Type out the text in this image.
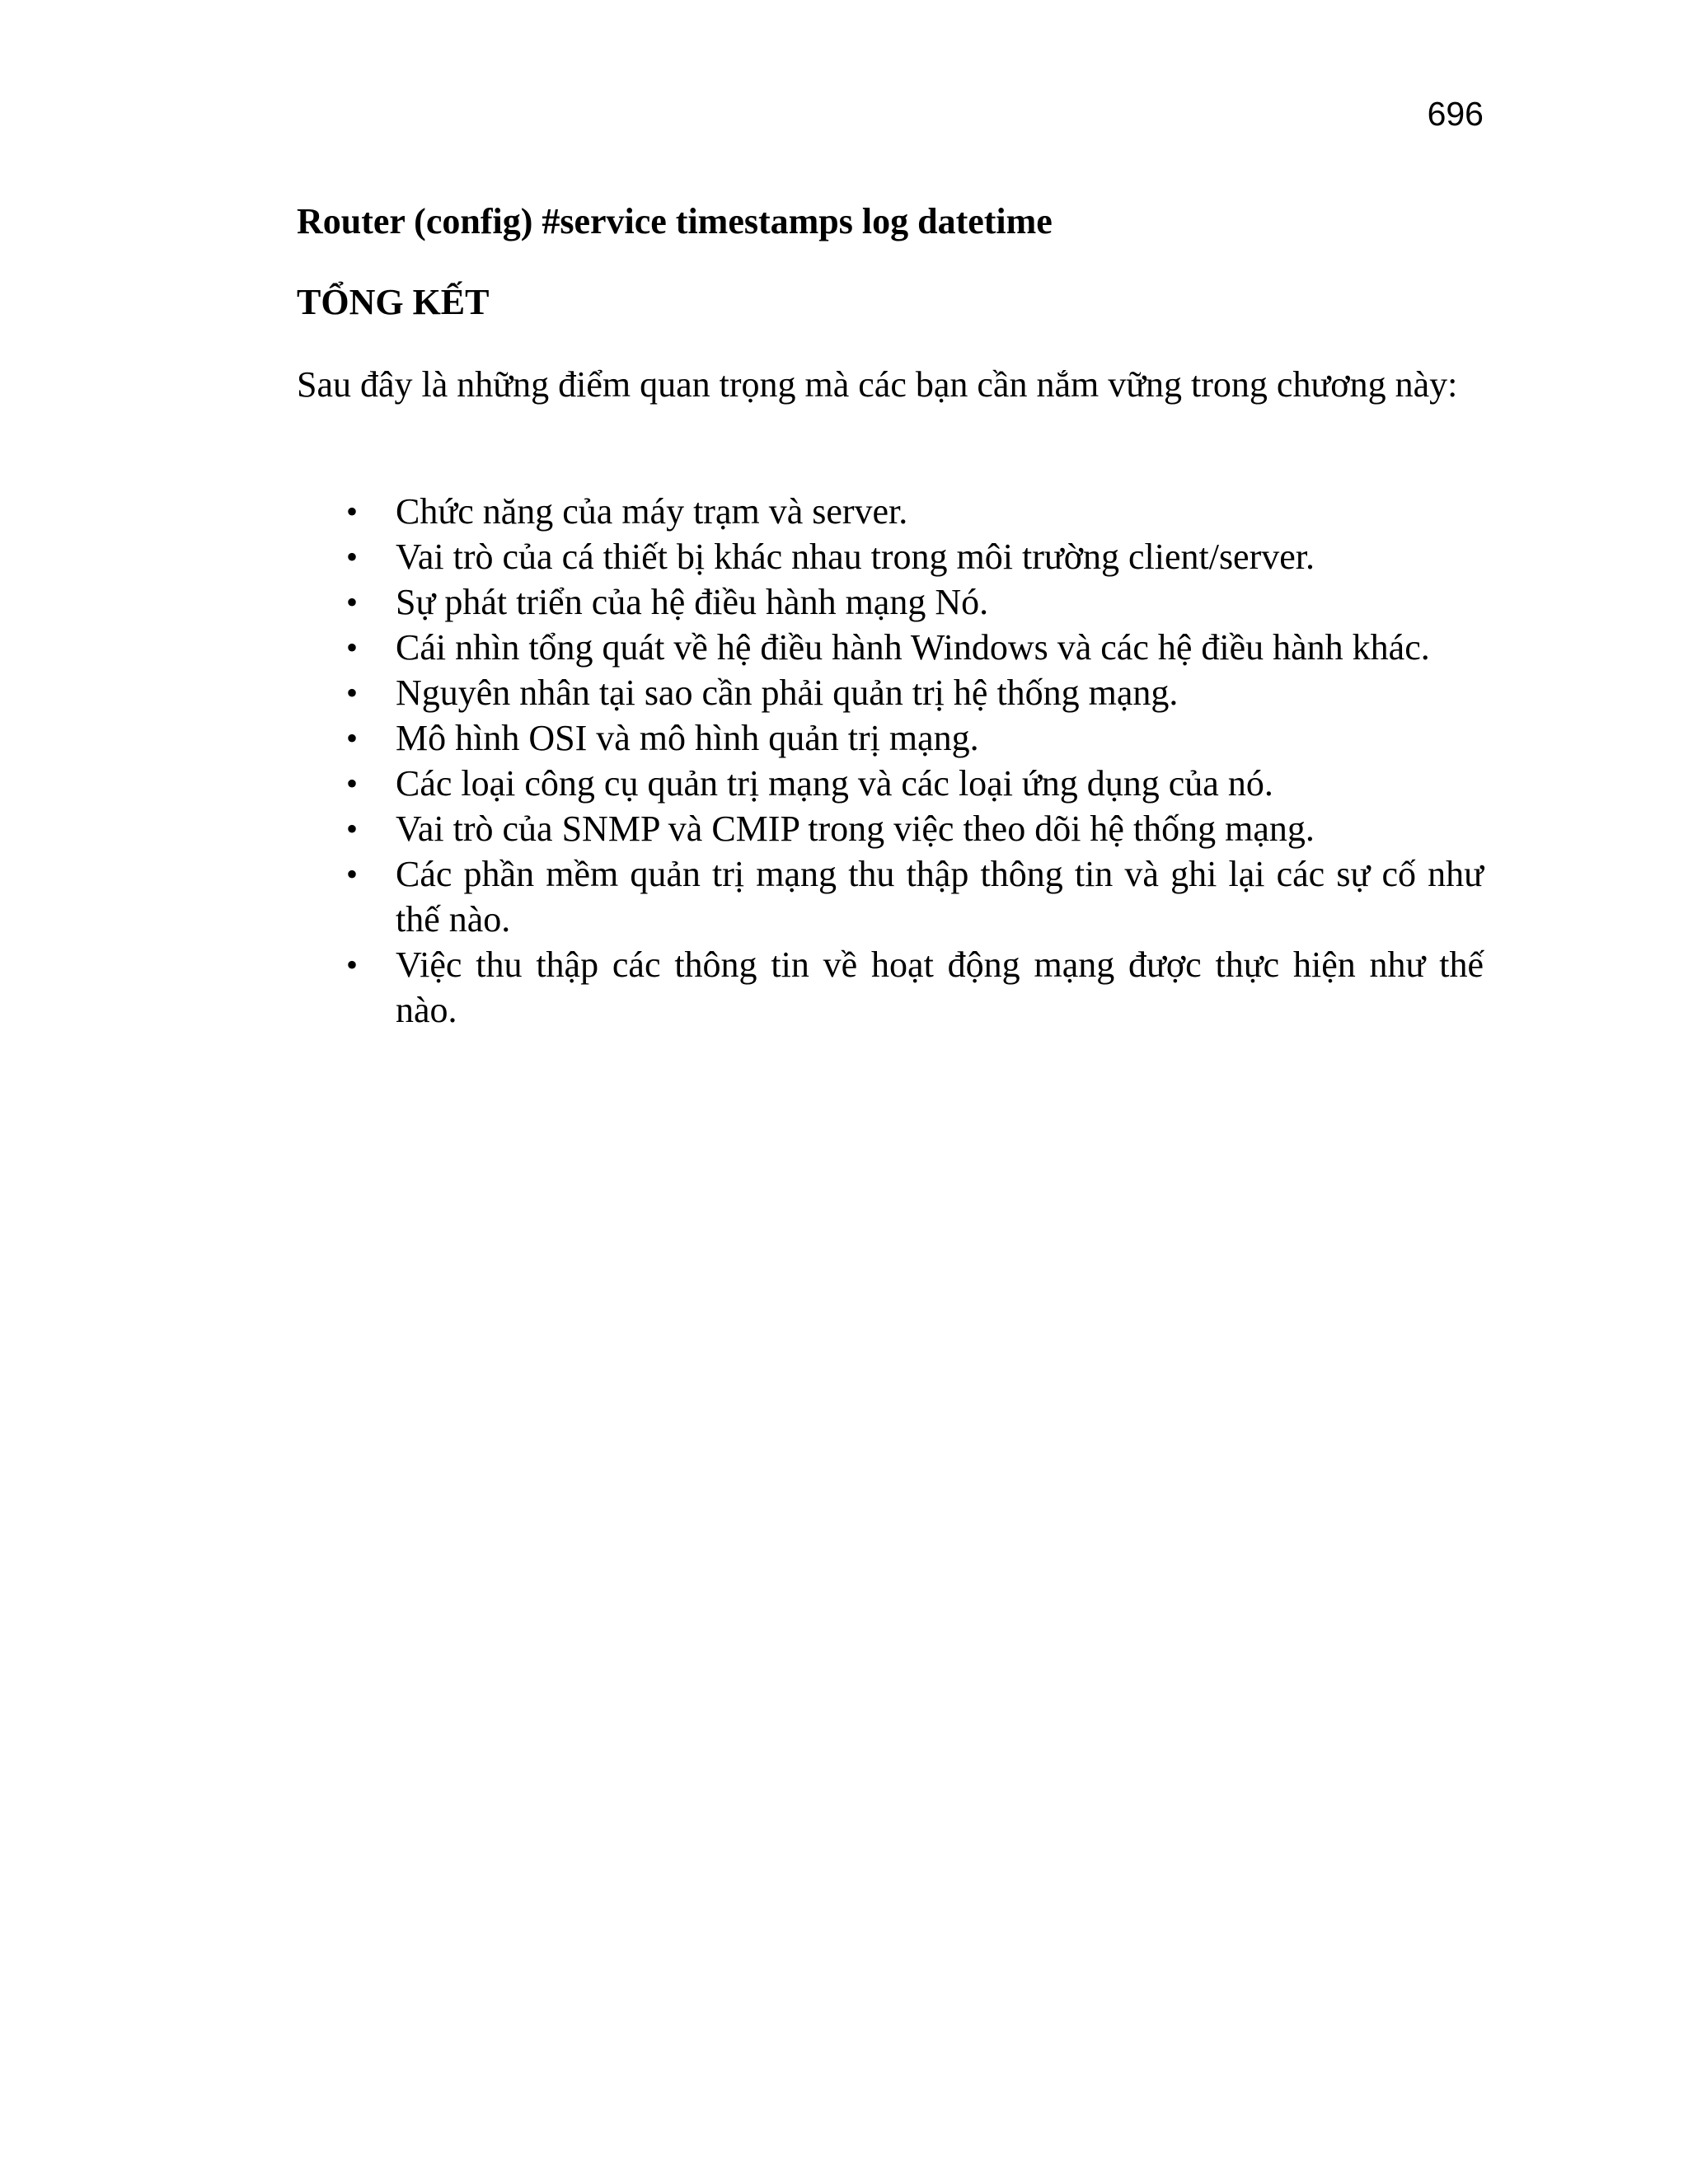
696
Router (config) #service timestamps log datetime
TỔNG KẾT

Sau đây là những điểm quan trọng mà các bạn cần nắm vững trong chương này:

•	Chức năng của máy trạm và server.
•	Vai trò của cá thiết bị khác nhau trong môi trường client/server.
•	Sự phát triển của hệ điều hành mạng Nó.
•	Cái nhìn tổng quát về hệ điều hành Windows và các hệ điều hành khác.
•	Nguyên nhân tại sao cần phải quản trị hệ thống mạng.
•	Mô hình OSI và mô hình quản trị mạng.
•	Các loại công cụ quản trị mạng và các loại ứng dụng của nó.
•	Vai trò của SNMP và CMIP trong việc theo dõi hệ thống mạng.
•	Các phần mềm quản trị mạng thu thập thông tin và ghi lại các sự cố như thế nào.
•	Việc thu thập các thông tin về hoạt động mạng được thực hiện như thế nào.
